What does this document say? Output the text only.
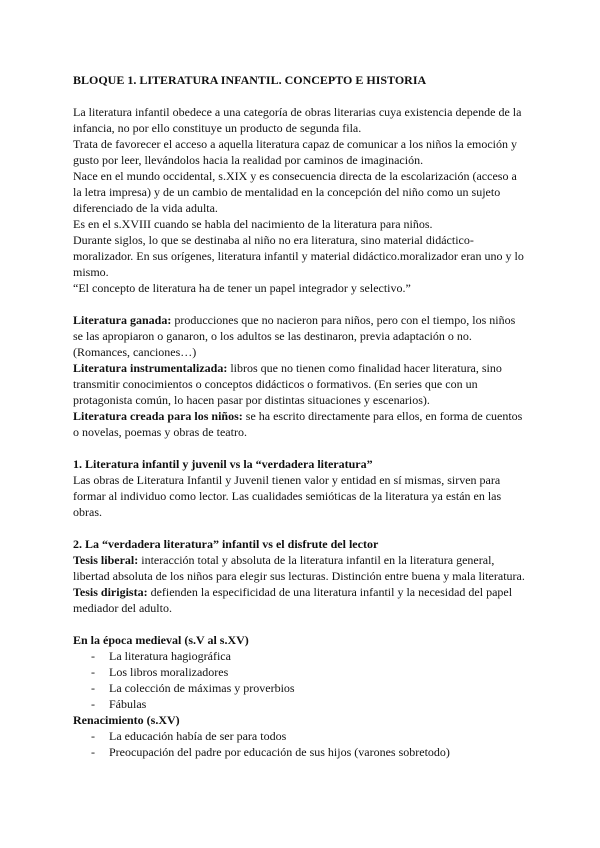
BLOQUE 1. LITERATURA INFANTIL. CONCEPTO E HISTORIA

La literatura infantil obedece a una categoría de obras literarias cuya existencia depende de la infancia, no por ello constituye un producto de segunda fila.

Trata de favorecer el acceso a aquella literatura capaz de comunicar a los niños la emoción y gusto por leer, llevándolos hacia la realidad por caminos de imaginación.

Nace en el mundo occidental, s.XIX y es consecuencia directa de la escolarización (acceso a la letra impresa) y de un cambio de mentalidad en la concepción del niño como un sujeto diferenciado de la vida adulta.

Es en el s.XVIII cuando se habla del nacimiento de la literatura para niños.

Durante siglos, lo que se destinaba al niño no era literatura, sino material didáctico-moralizador. En sus orígenes, literatura infantil y material didáctico.moralizador eran uno y lo mismo.

“El concepto de literatura ha de tener un papel integrador y selectivo.”

Literatura ganada: producciones que no nacieron para niños, pero con el tiempo, los niños se las apropiaron o ganaron, o los adultos se las destinaron, previa adaptación o no. (Romances, canciones…)

Literatura instrumentalizada: libros que no tienen como finalidad hacer literatura, sino transmitir conocimientos o conceptos didácticos o formativos. (En series que con un protagonista común, lo hacen pasar por distintas situaciones y escenarios).

Literatura creada para los niños: se ha escrito directamente para ellos, en forma de cuentos o novelas, poemas y obras de teatro.

1. Literatura infantil y juvenil vs la “verdadera literatura”

Las obras de Literatura Infantil y Juvenil tienen valor y entidad en sí mismas, sirven para formar al individuo como lector. Las cualidades semióticas de la literatura ya están en las obras.

2. La “verdadera literatura” infantil vs el disfrute del lector

Tesis liberal: interacción total y absoluta de la literatura infantil en la literatura general, libertad absoluta de los niños para elegir sus lecturas. Distinción entre buena y mala literatura.

Tesis dirigista: defienden la especificidad de una literatura infantil y la necesidad del papel mediador del adulto.

En la época medieval (s.V al s.XV)

- La literatura hagiográfica
- Los libros moralizadores
- La colección de máximas y proverbios
- Fábulas

Renacimiento (s.XV)

- La educación había de ser para todos
- Preocupación del padre por educación de sus hijos (varones sobretodo)
